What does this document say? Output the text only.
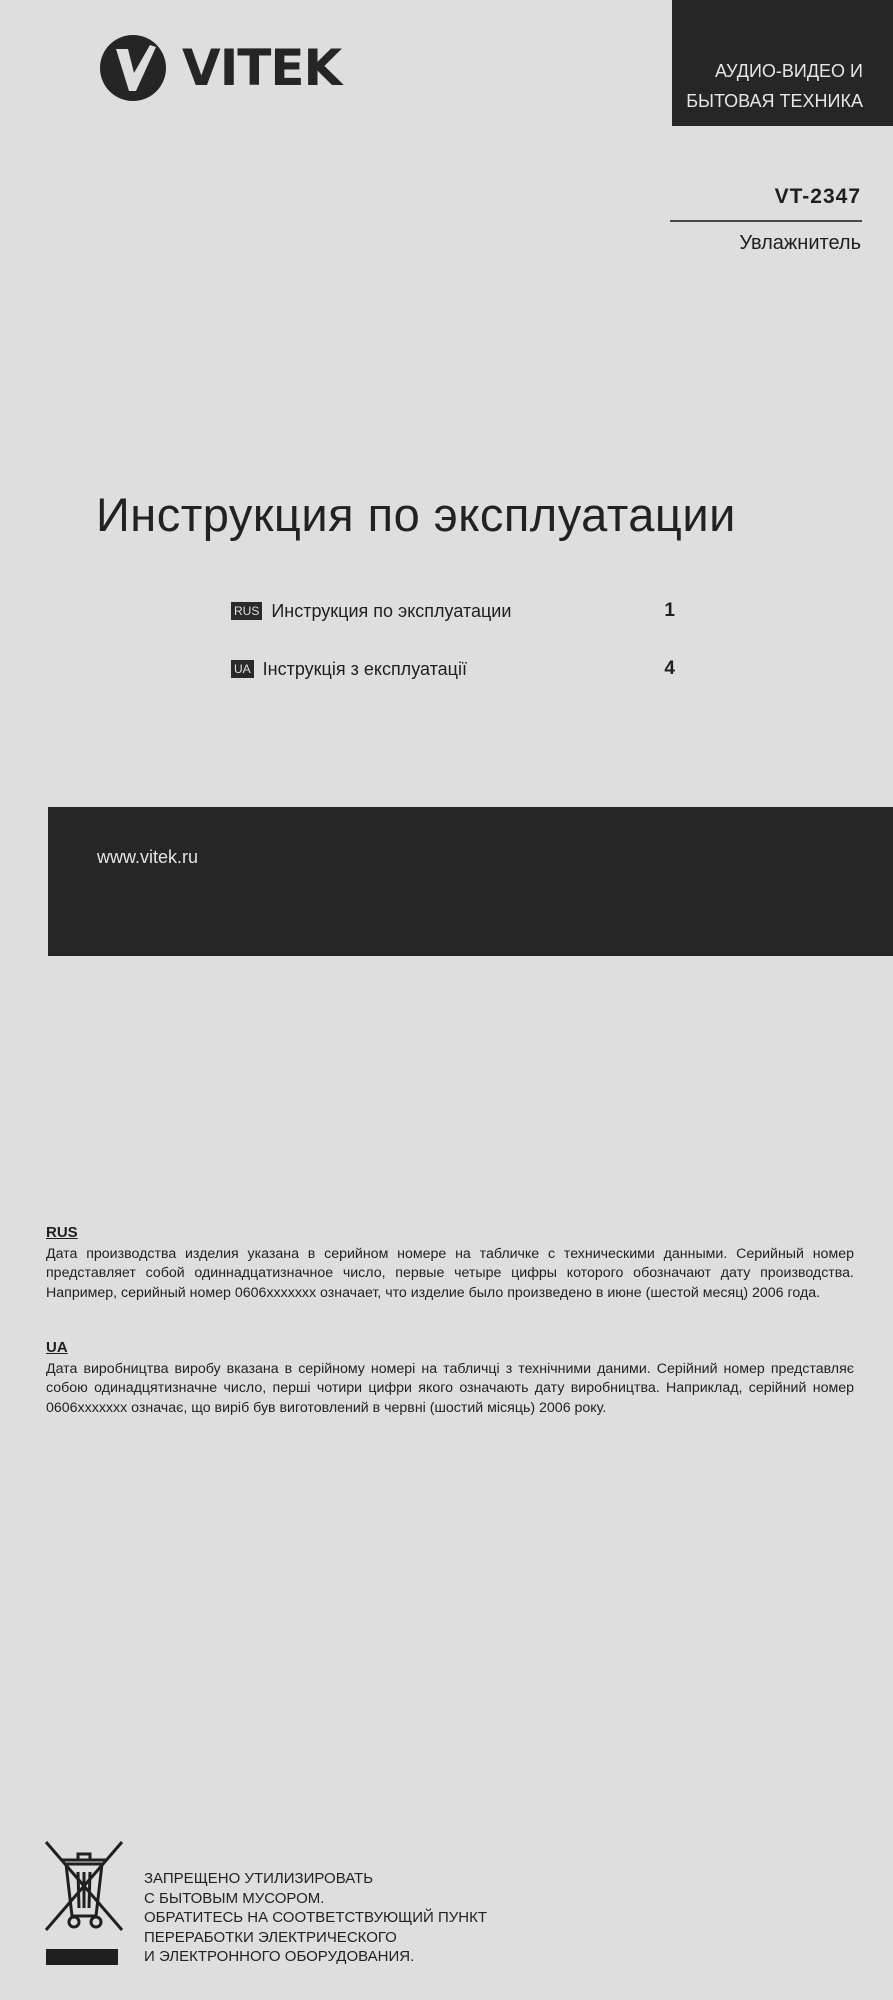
VITEK	АУДИО-ВИДЕО И
БЫТОВАЯ ТЕХНИКА
VT-2347
Увлажнитель
Инструкция по эксплуатации
RUS Инструкция по эксплуатации	1
UA Інструкція з експлуатації	4
www.vitek.ru
RUS
Дата производства изделия указана в серийном номере на табличке с техническими данными. Серийный номер представляет собой одиннадцатизначное число, первые четыре цифры которого обозначают дату производства. Например, серийный номер 0606xxxxxxx означает, что изделие было произведено в июне (шестой месяц) 2006 года.
UA
Дата виробництва виробу вказана в серійному номері на табличці з технічними даними. Серійний номер представляє собою одинадцятизначне число, перші чотири цифри якого означають дату виробництва. Наприклад, серійний номер 0606xxxxxxx означає, що виріб був виготовлений в червні (шостий місяць) 2006 року.
ЗАПРЕЩЕНО УТИЛИЗИРОВАТЬ
С БЫТОВЫМ МУСОРОМ.
ОБРАТИТЕСЬ НА СООТВЕТСТВУЮЩИЙ ПУНКТ
ПЕРЕРАБОТКИ ЭЛЕКТРИЧЕСКОГО
И ЭЛЕКТРОННОГО ОБОРУДОВАНИЯ.
